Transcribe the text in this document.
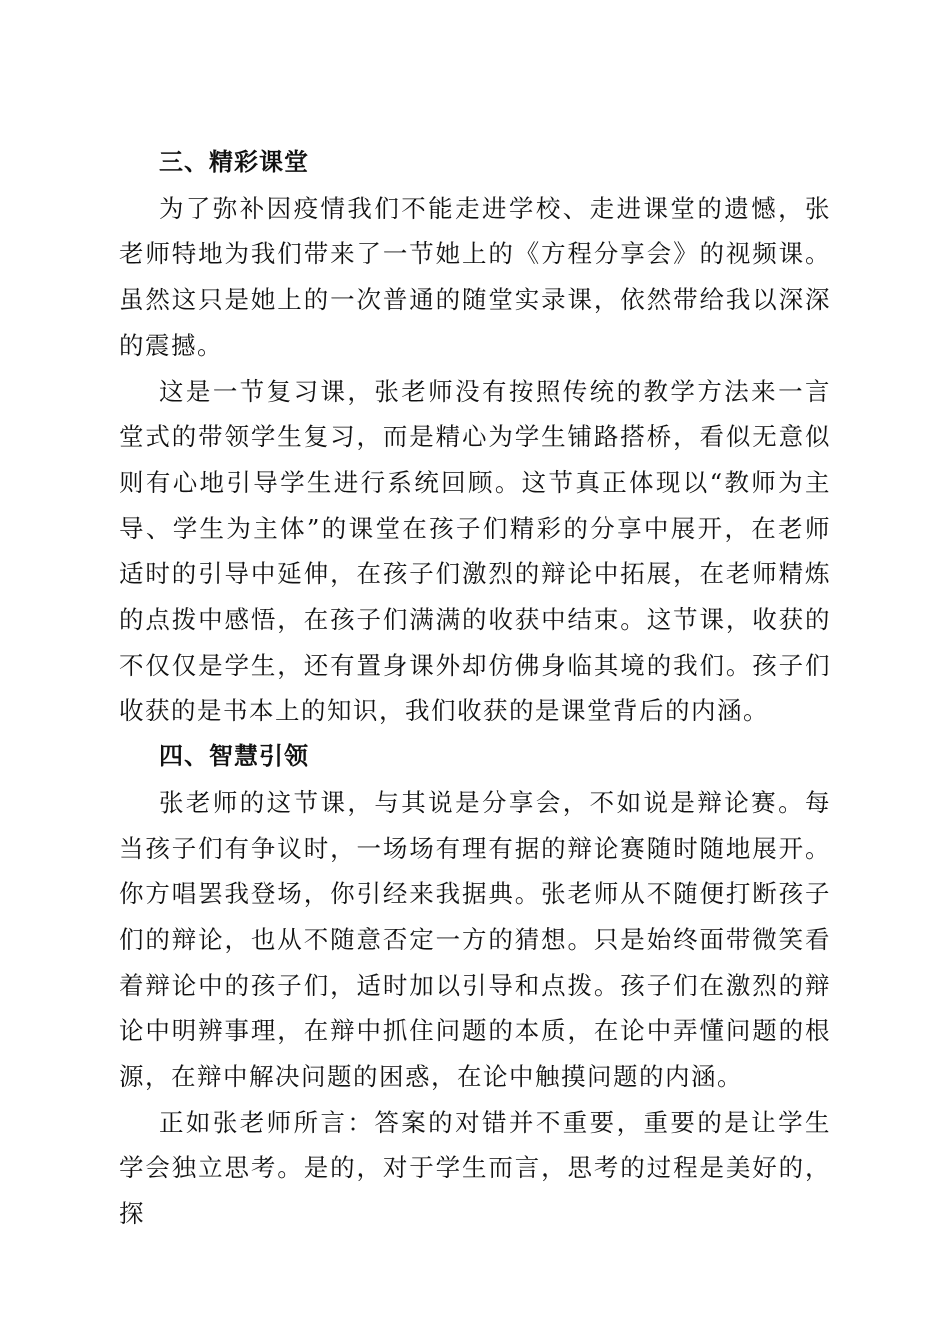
三、精彩课堂

为了弥补因疫情我们不能走进学校、走进课堂的遗憾，张老师特地为我们带来了一节她上的《方程分享会》的视频课。虽然这只是她上的一次普通的随堂实录课，依然带给我以深深的震撼。

这是一节复习课，张老师没有按照传统的教学方法来一言堂式的带领学生复习，而是精心为学生铺路搭桥，看似无意似则有心地引导学生进行系统回顾。这节真正体现以“教师为主导、学生为主体”的课堂在孩子们精彩的分享中展开，在老师适时的引导中延伸，在孩子们激烈的辩论中拓展，在老师精炼的点拨中感悟，在孩子们满满的收获中结束。这节课，收获的不仅仅是学生，还有置身课外却仿佛身临其境的我们。孩子们收获的是书本上的知识，我们收获的是课堂背后的内涵。

四、智慧引领

张老师的这节课，与其说是分享会，不如说是辩论赛。每当孩子们有争议时，一场场有理有据的辩论赛随时随地展开。你方唱罢我登场，你引经来我据典。张老师从不随便打断孩子们的辩论，也从不随意否定一方的猜想。只是始终面带微笑看着辩论中的孩子们，适时加以引导和点拨。孩子们在激烈的辩论中明辨事理，在辩中抓住问题的本质，在论中弄懂问题的根源，在辩中解决问题的困惑，在论中触摸问题的内涵。

正如张老师所言：答案的对错并不重要，重要的是让学生学会独立思考。是的，对于学生而言，思考的过程是美好的，探
